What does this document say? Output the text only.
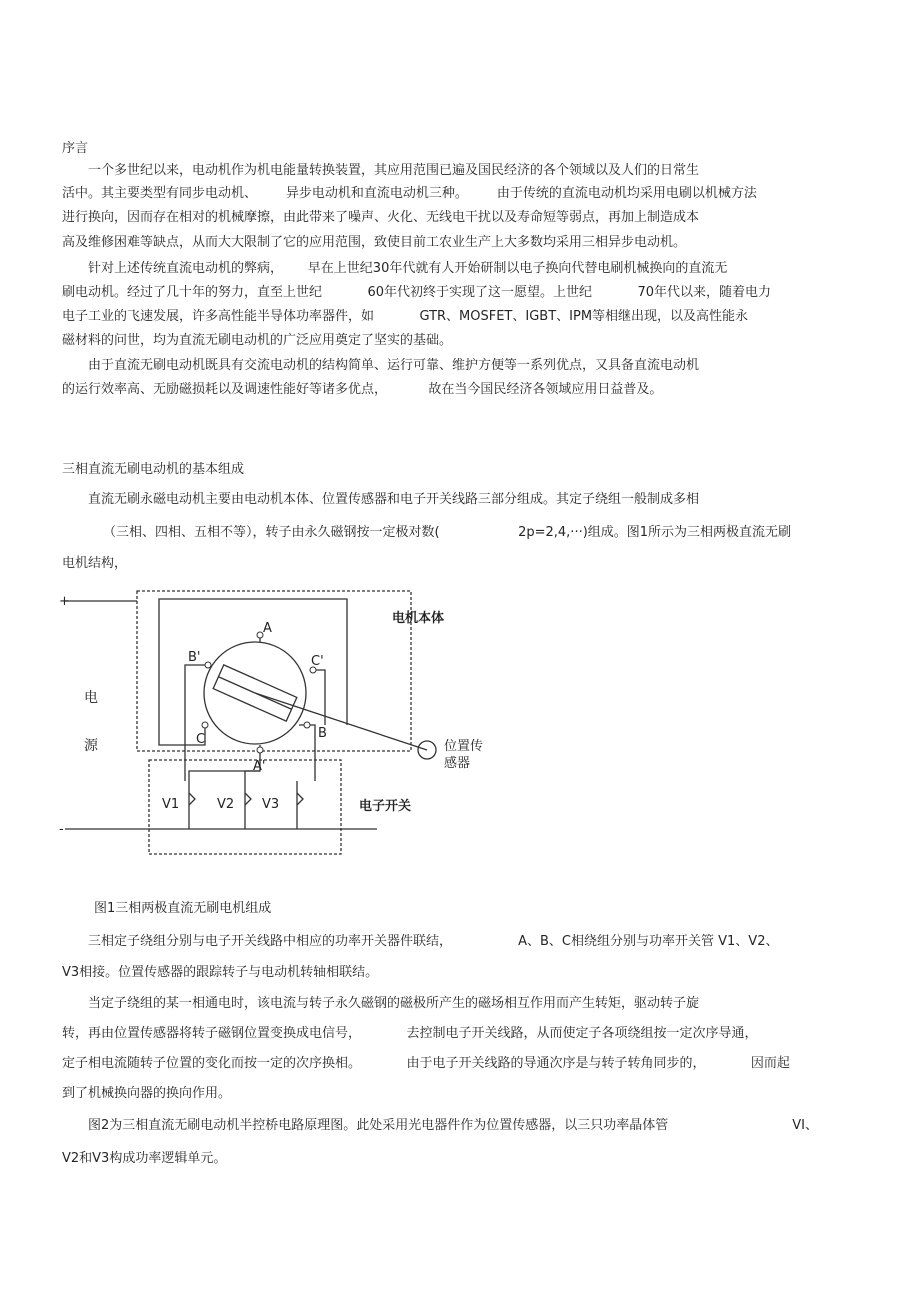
序言
一个多世纪以来，电动机作为机电能量转换装置，其应用范围已遍及国民经济的各个领域以及人们的日常生
活中。其主要类型有同步电动机、       异步电动机和直流电动机三种。       由于传统的直流电动机均采用电刷以机械方法
进行换向，因而存在相对的机械摩擦，由此带来了噪声、火化、无线电干扰以及寿命短等弱点，再加上制造成本
高及维修困难等缺点，从而大大限制了它的应用范围，致使目前工农业生产上大多数均采用三相异步电动机。
针对上述传统直流电动机的弊病，      早在上世纪30年代就有人开始研制以电子换向代替电刷机械换向的直流无
刷电动机。经过了几十年的努力，直至上世纪           60年代初终于实现了这一愿望。上世纪           70年代以来，随着电力
电子工业的飞速发展，许多高性能半导体功率器件，如           GTR、MOSFET、IGBT、IPM等相继出现，以及高性能永
磁材料的问世，均为直流无刷电动机的广泛应用奠定了坚实的基础。
由于直流无刷电动机既具有交流电动机的结构简单、运行可靠、维护方便等一系列优点，又具备直流电动机
的运行效率高、无励磁损耗以及调速性能好等诸多优点，          故在当今国民经济各领域应用日益普及。
三相直流无刷电动机的基本组成
直流无刷永磁电动机主要由电动机本体、位置传感器和电子开关线路三部分组成。其定子绕组一般制成多相
（三相、四相、五相不等），转子由永久磁钢按一定极对数(                   2p=2,4,···)组成。图1所示为三相两极直流无刷
电机结构，
+
-
电机本体
电
源
A
B'	C'
C	B
A'
位置传
感器
电子开关
V1	V2 V3
图1三相两极直流无刷电机组成
三相定子绕组分别与电子开关线路中相应的功率开关器件联结，                A、B、C相绕组分别与功率开关管 V1、V2、
V3相接。位置传感器的跟踪转子与电动机转轴相联结。
当定子绕组的某一相通电时，该电流与转子永久磁钢的磁极所产生的磁场相互作用而产生转矩，驱动转子旋
转，再由位置传感器将转子磁钢位置变换成电信号，           去控制电子开关线路，从而使定子各项绕组按一定次序导通，
定子相电流随转子位置的变化而按一定的次序换相。           由于电子开关线路的导通次序是与转子转角同步的，           因而起
到了机械换向器的换向作用。
图2为三相直流无刷电动机半控桥电路原理图。此处采用光电器件作为位置传感器，以三只功率晶体管                              VI、
V2和V3构成功率逻辑单元。
